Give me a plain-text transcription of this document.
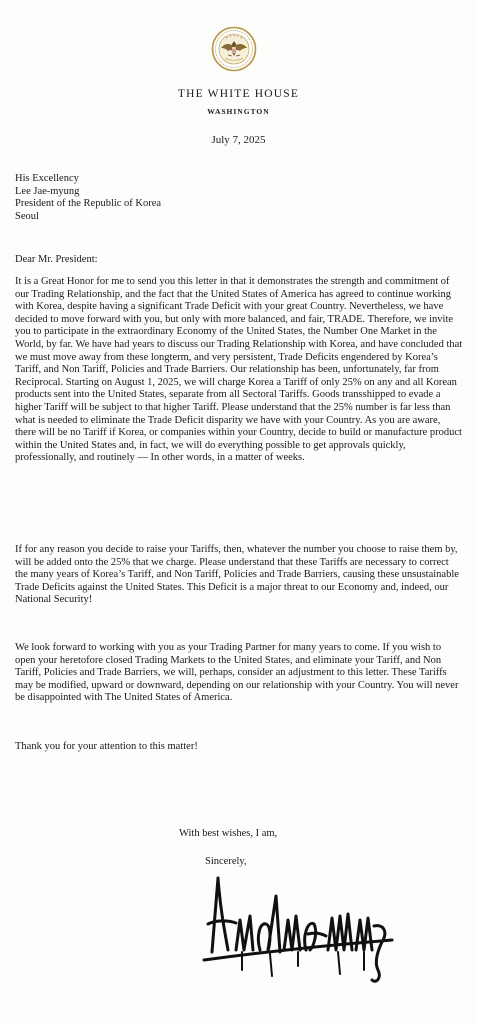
THE WHITE HOUSE
WASHINGTON
July 7, 2025
His Excellency
Lee Jae-myung
President of the Republic of Korea
Seoul
Dear Mr. President:

It is a Great Honor for me to send you this letter in that it demonstrates the strength and commitment of our Trading Relationship, and the fact that the United States of America has agreed to continue working with Korea, despite having a significant Trade Deficit with your great Country. Nevertheless, we have decided to move forward with you, but only with more balanced, and fair, TRADE. Therefore, we invite you to participate in the extraordinary Economy of the United States, the Number One Market in the World, by far. We have had years to discuss our Trading Relationship with Korea, and have concluded that we must move away from these longterm, and very persistent, Trade Deficits engendered by Korea’s Tariff, and Non Tariff, Policies and Trade Barriers. Our relationship has been, unfortunately, far from Reciprocal. Starting on August 1, 2025, we will charge Korea a Tariff of only 25% on any and all Korean products sent into the United States, separate from all Sectoral Tariffs. Goods transshipped to evade a higher Tariff will be subject to that higher Tariff. Please understand that the 25% number is far less than what is needed to eliminate the Trade Deficit disparity we have with your Country. As you are aware, there will be no Tariff if Korea, or companies within your Country, decide to build or manufacture product within the United States and, in fact, we will do everything possible to get approvals quickly, professionally, and routinely — In other words, in a matter of weeks.

If for any reason you decide to raise your Tariffs, then, whatever the number you choose to raise them by, will be added onto the 25% that we charge. Please understand that these Tariffs are necessary to correct the many years of Korea’s Tariff, and Non Tariff, Policies and Trade Barriers, causing these unsustainable Trade Deficits against the United States. This Deficit is a major threat to our Economy and, indeed, our National Security!

We look forward to working with you as your Trading Partner for many years to come. If you wish to open your heretofore closed Trading Markets to the United States, and eliminate your Tariff, and Non Tariff, Policies and Trade Barriers, we will, perhaps, consider an adjustment to this letter. These Tariffs may be modified, upward or downward, depending on our relationship with your Country. You will never be disappointed with The United States of America.

Thank you for your attention to this matter!

With best wishes, I am,
Sincerely,
